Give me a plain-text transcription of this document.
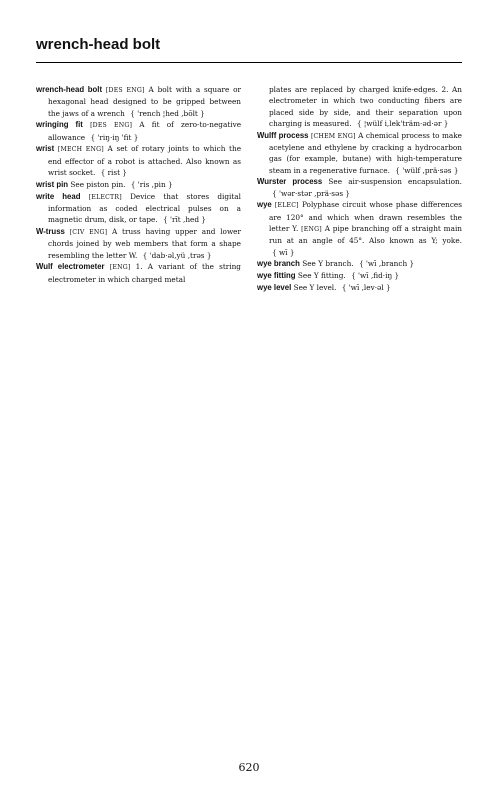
wrench-head bolt

wrench-head bolt [DES ENG] A bolt with a square or hexagonal head designed to be gripped between the jaws of a wrench { 'rench ¦hed ,bōlt }

wringing fit [DES ENG] A fit of zero-to-negative allowance { 'riŋ·iŋ 'fit }

wrist [MECH ENG] A set of rotary joints to which the end effector of a robot is attached. Also known as wrist socket. { rist }

wrist pin See piston pin. { 'ris ,pin }

write head [ELECTR] Device that stores digital information as coded electrical pulses on a magnetic drum, disk, or tape. { 'rīt ,hed }

W-truss [CIV ENG] A truss having upper and lower chords joined by web members that form a shape resembling the letter W. { 'dab·əl,yü ,trəs }

Wulf electrometer [ENG] 1. A variant of the string electrometer in which charged metal

plates are replaced by charged knife-edges. 2. An electrometer in which two conducting fibers are placed side by side, and their separation upon charging is measured. { ¦wülf i,lek'träm·əd·ər }

Wulff process [CHEM ENG] A chemical process to make acetylene and ethylene by cracking a hydrocarbon gas (for example, butane) with high-temperature steam in a regenerative furnace. { 'wülf ,prä·səs }

Wurster process See air-suspension encapsulation. { 'wər·stər ,prä·səs }

wye [ELEC] Polyphase circuit whose phase differences are 120° and which when drawn resembles the letter Y. [ENG] A pipe branching off a straight main run at an angle of 45°. Also known as Y; yoke. { wī }

wye branch See Y branch. { 'wī ,branch }

wye fitting See Y fitting. { 'wī ,fid·iŋ }

wye level See Y level. { 'wī ,lev·əl }

620
